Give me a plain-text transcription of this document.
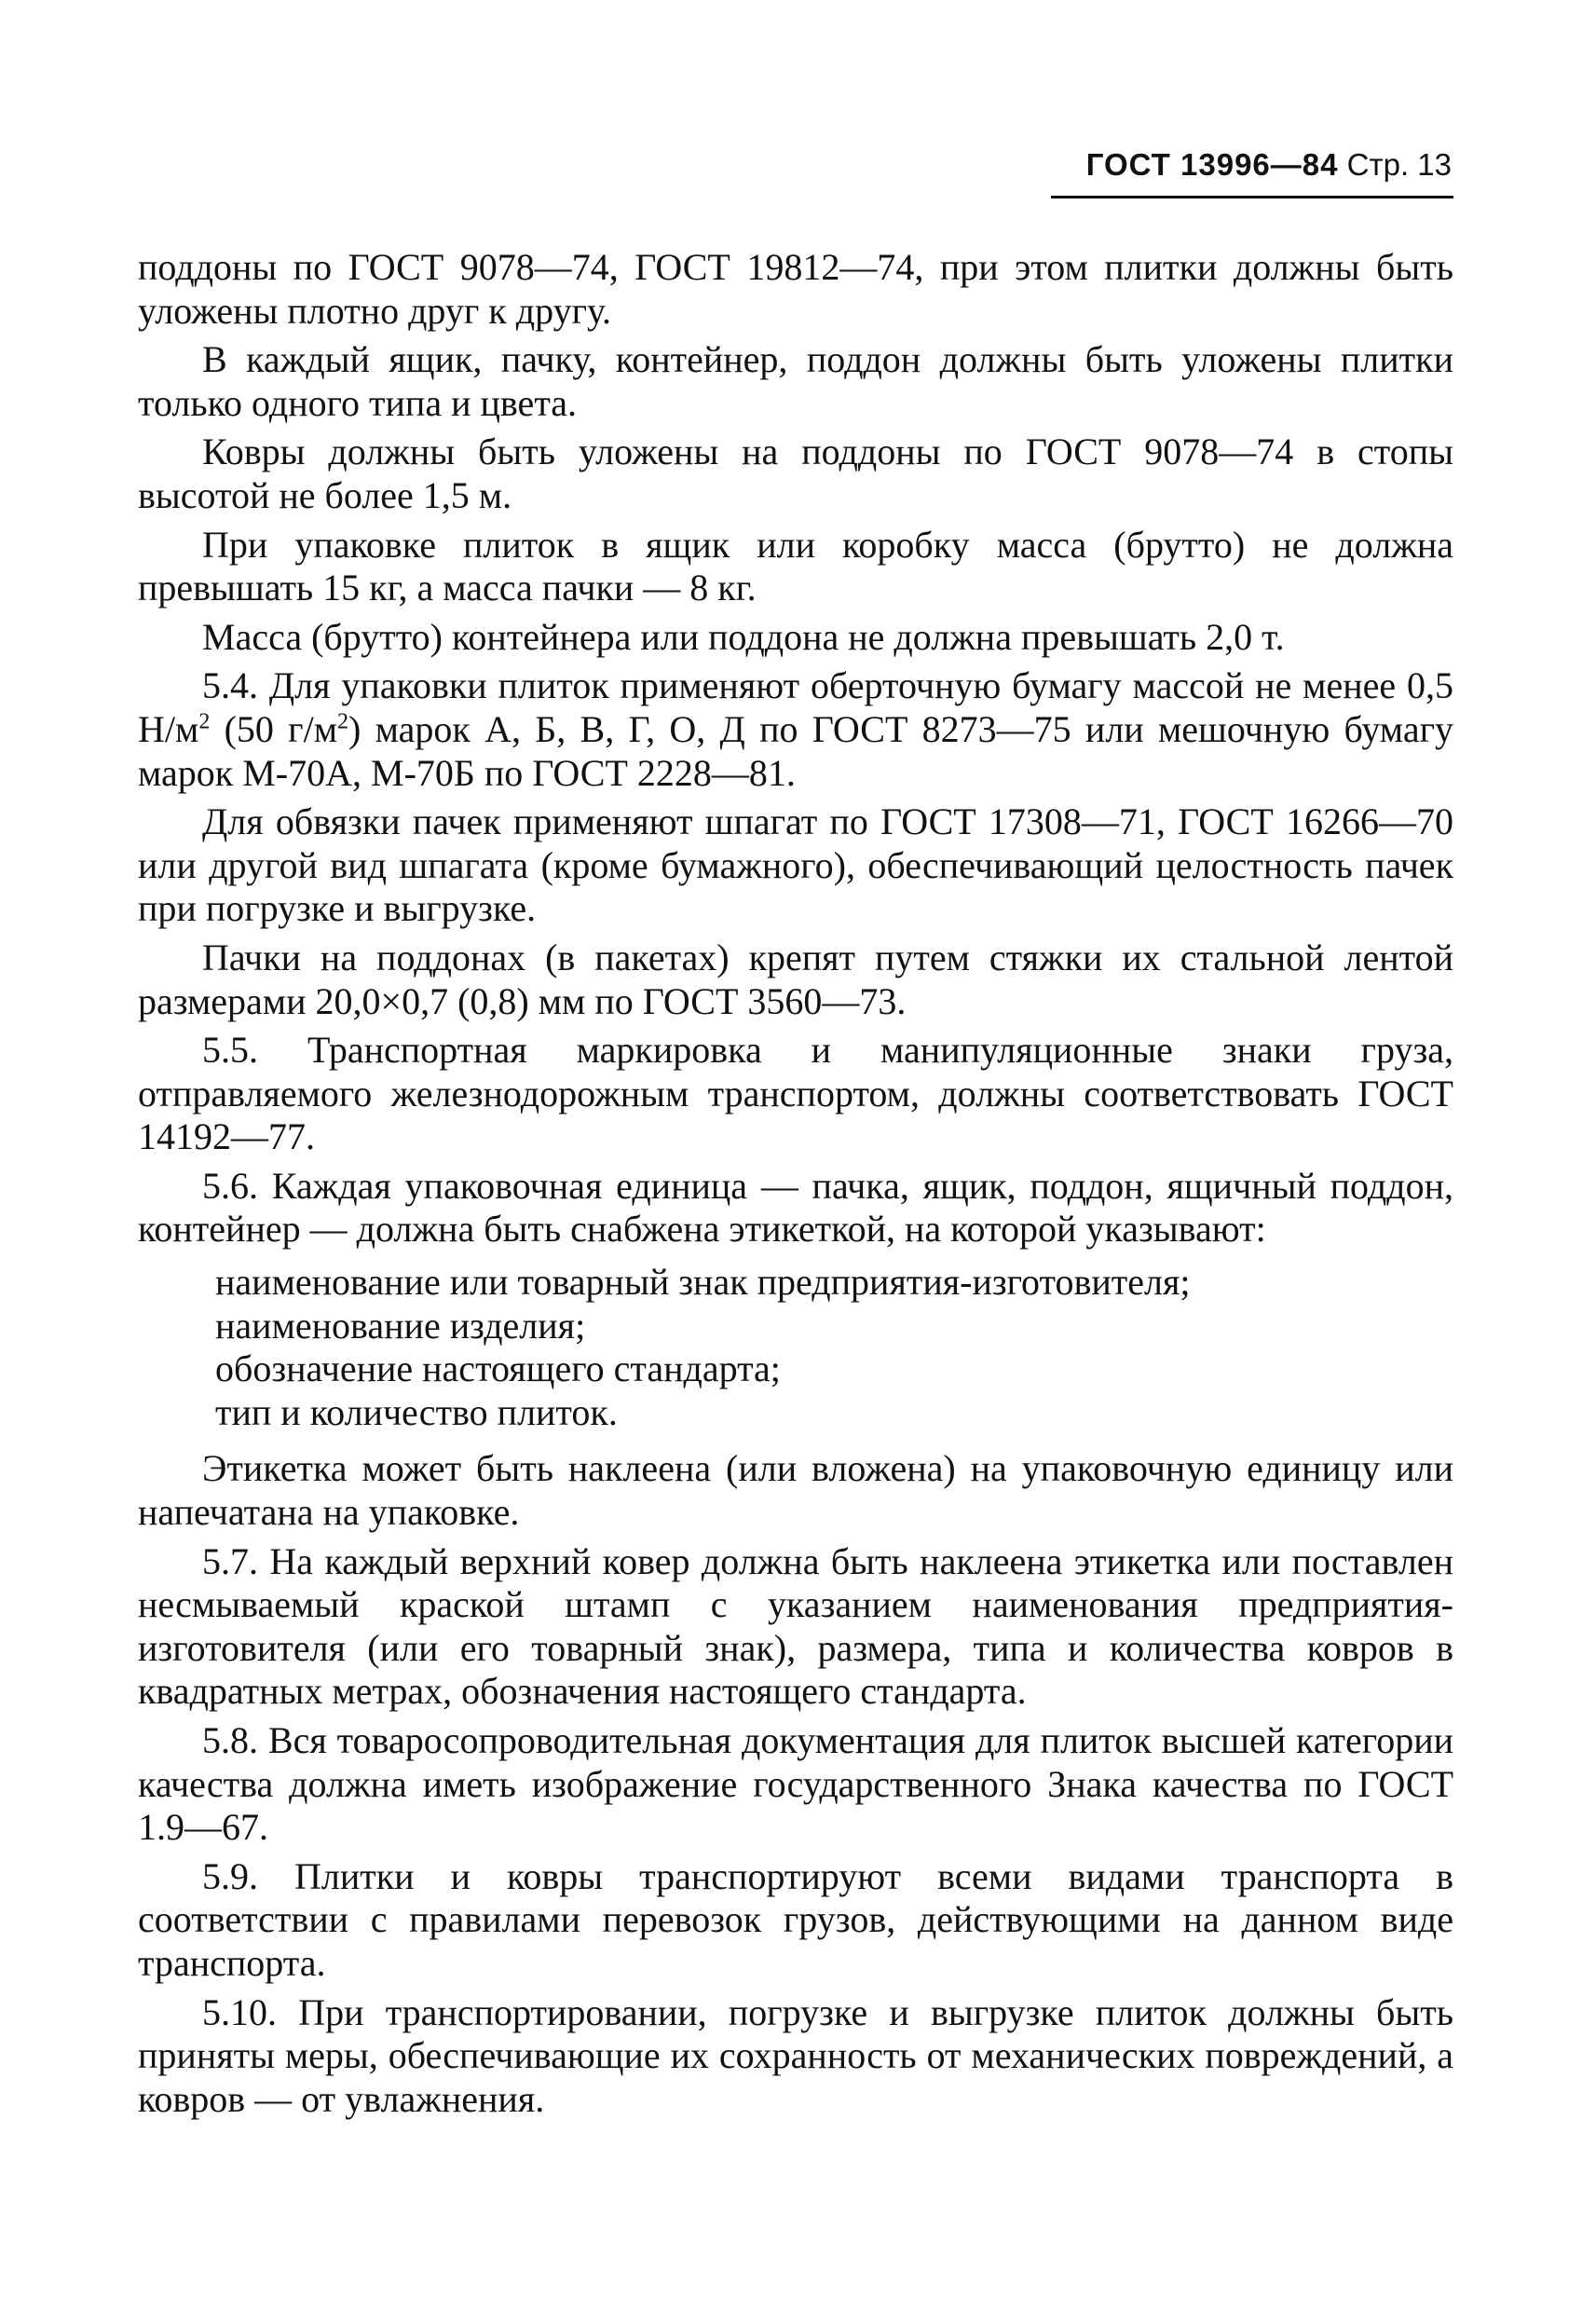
ГОСТ 13996—84 Стр. 13

поддоны по ГОСТ 9078—74, ГОСТ 19812—74, при этом плитки должны быть уложены плотно друг к другу.

В каждый ящик, пачку, контейнер, поддон должны быть уложены плитки только одного типа и цвета.

Ковры должны быть уложены на поддоны по ГОСТ 9078—74 в стопы высотой не более 1,5 м.

При упаковке плиток в ящик или коробку масса (брутто) не должна превышать 15 кг, а масса пачки — 8 кг.

Масса (брутто) контейнера или поддона не должна превышать 2,0 т.

5.4. Для упаковки плиток применяют оберточную бумагу массой не менее 0,5 $Н/м^2$ (50 $г/м^2$) марок А, Б, В, Г, О, Д по ГОСТ 8273—75 или мешочную бумагу марок М-70А, М-70Б по ГОСТ 2228—81.

Для обвязки пачек применяют шпагат по ГОСТ 17308—71, ГОСТ 16266—70 или другой вид шпагата (кроме бумажного), обеспечивающий целостность пачек при погрузке и выгрузке.

Пачки на поддонах (в пакетах) крепят путем стяжки их стальной лентой размерами 20,0×0,7 (0,8) мм по ГОСТ 3560—73.

5.5. Транспортная маркировка и манипуляционные знаки груза, отправляемого железнодорожным транспортом, должны соответствовать ГОСТ 14192—77.

5.6. Каждая упаковочная единица — пачка, ящик, поддон, ящичный поддон, контейнер — должна быть снабжена этикеткой, на которой указывают:

наименование или товарный знак предприятия-изготовителя;

наименование изделия;

обозначение настоящего стандарта;

тип и количество плиток.

Этикетка может быть наклеена (или вложена) на упаковочную единицу или напечатана на упаковке.

5.7. На каждый верхний ковер должна быть наклеена этикетка или поставлен несмываемый краской штамп с указанием наименования предприятия-изготовителя (или его товарный знак), размера, типа и количества ковров в квадратных метрах, обозначения настоящего стандарта.

5.8. Вся товаросопроводительная документация для плиток высшей категории качества должна иметь изображение государственного Знака качества по ГОСТ 1.9—67.

5.9. Плитки и ковры транспортируют всеми видами транспорта в соответствии с правилами перевозок грузов, действующими на данном виде транспорта.

5.10. При транспортировании, погрузке и выгрузке плиток должны быть приняты меры, обеспечивающие их сохранность от механических повреждений, а ковров — от увлажнения.
